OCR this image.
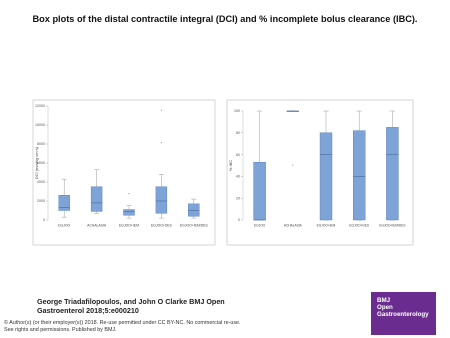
Box plots of the distal contractile integral (DCI) and % incomplete bolus clearance (IBC).
0
2000
4000
6000
8000
10000
12000
DCI (mmHg·cm·s)
EGJOO	ACHALASIA
*
EGJOO+IEM
*
*
EGJOO+DES EGJOO+IEM/DES
0
20
40
60
80
100
% IBC
EGJOO
*
ACHALASIA	EGJOO+IEM	EGJOO+DES	EGJOO+IEM/DES
George Triadafilopoulos, and John O Clarke BMJ Open
Gastroenterol 2018;5:e000210
© Author(s) (or their employer(s)) 2018. Re-use permitted under CC BY-NC. No commercial re-use.
See rights and permissions. Published by BMJ.
BMJ
Open
Gastroenterology
